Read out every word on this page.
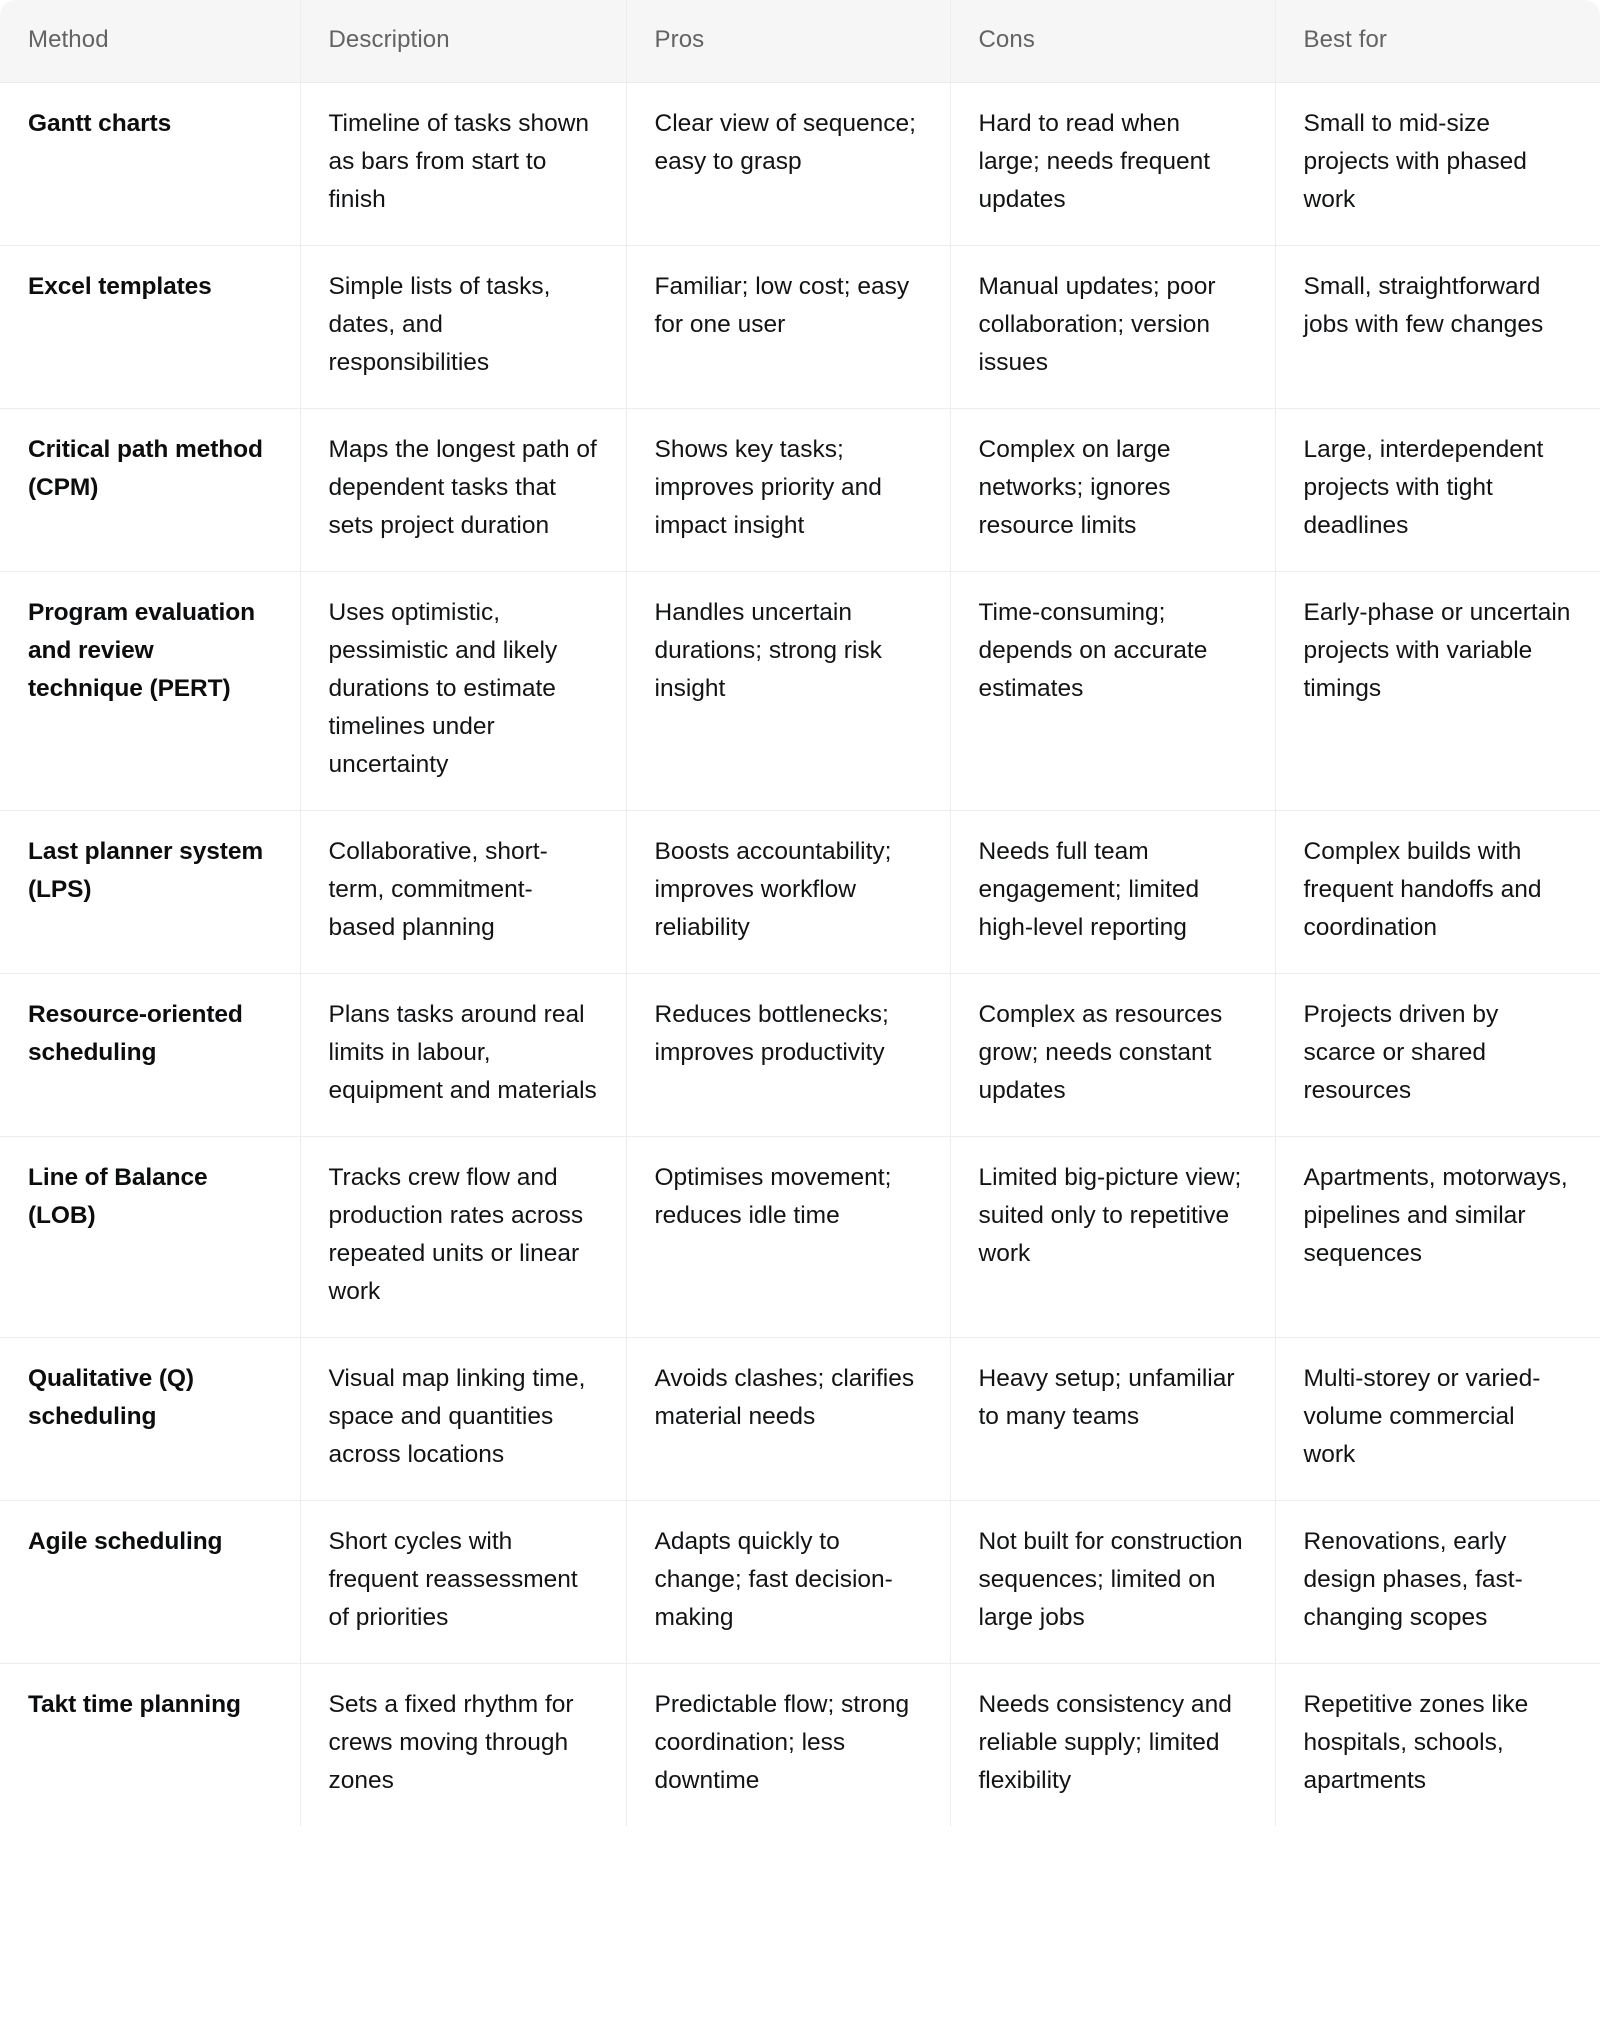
Method	Description	Pros	Cons	Best for
Gantt charts	Timeline of tasks shown as bars from start to finish	Clear view of sequence; easy to grasp	Hard to read when large; needs frequent updates	Small to mid-size projects with phased work
Excel templates	Simple lists of tasks, dates, and responsibilities	Familiar; low cost; easy for one user	Manual updates; poor collaboration; version issues	Small, straightforward jobs with few changes
Critical path method (CPM)	Maps the longest path of dependent tasks that sets project duration	Shows key tasks; improves priority and impact insight	Complex on large networks; ignores resource limits	Large, interdependent projects with tight deadlines
Program evaluation and review technique (PERT)	Uses optimistic, pessimistic and likely durations to estimate timelines under uncertainty	Handles uncertain durations; strong risk insight	Time-consuming; depends on accurate estimates	Early-phase or uncertain projects with variable timings
Last planner system (LPS)	Collaborative, short-term, commitment-based planning	Boosts accountability; improves workflow reliability	Needs full team engagement; limited high-level reporting	Complex builds with frequent handoffs and coordination
Resource-oriented scheduling	Plans tasks around real limits in labour, equipment and materials	Reduces bottlenecks; improves productivity	Complex as resources grow; needs constant updates	Projects driven by scarce or shared resources
Line of Balance (LOB)	Tracks crew flow and production rates across repeated units or linear work	Optimises movement; reduces idle time	Limited big-picture view; suited only to repetitive work	Apartments, motorways, pipelines and similar sequences
Qualitative (Q) scheduling	Visual map linking time, space and quantities across locations	Avoids clashes; clarifies material needs	Heavy setup; unfamiliar to many teams	Multi-storey or varied-volume commercial work
Agile scheduling	Short cycles with frequent reassessment of priorities	Adapts quickly to change; fast decision-making	Not built for construction sequences; limited on large jobs	Renovations, early design phases, fast-changing scopes
Takt time planning	Sets a fixed rhythm for crews moving through zones	Predictable flow; strong coordination; less downtime	Needs consistency and reliable supply; limited flexibility	Repetitive zones like hospitals, schools, apartments
